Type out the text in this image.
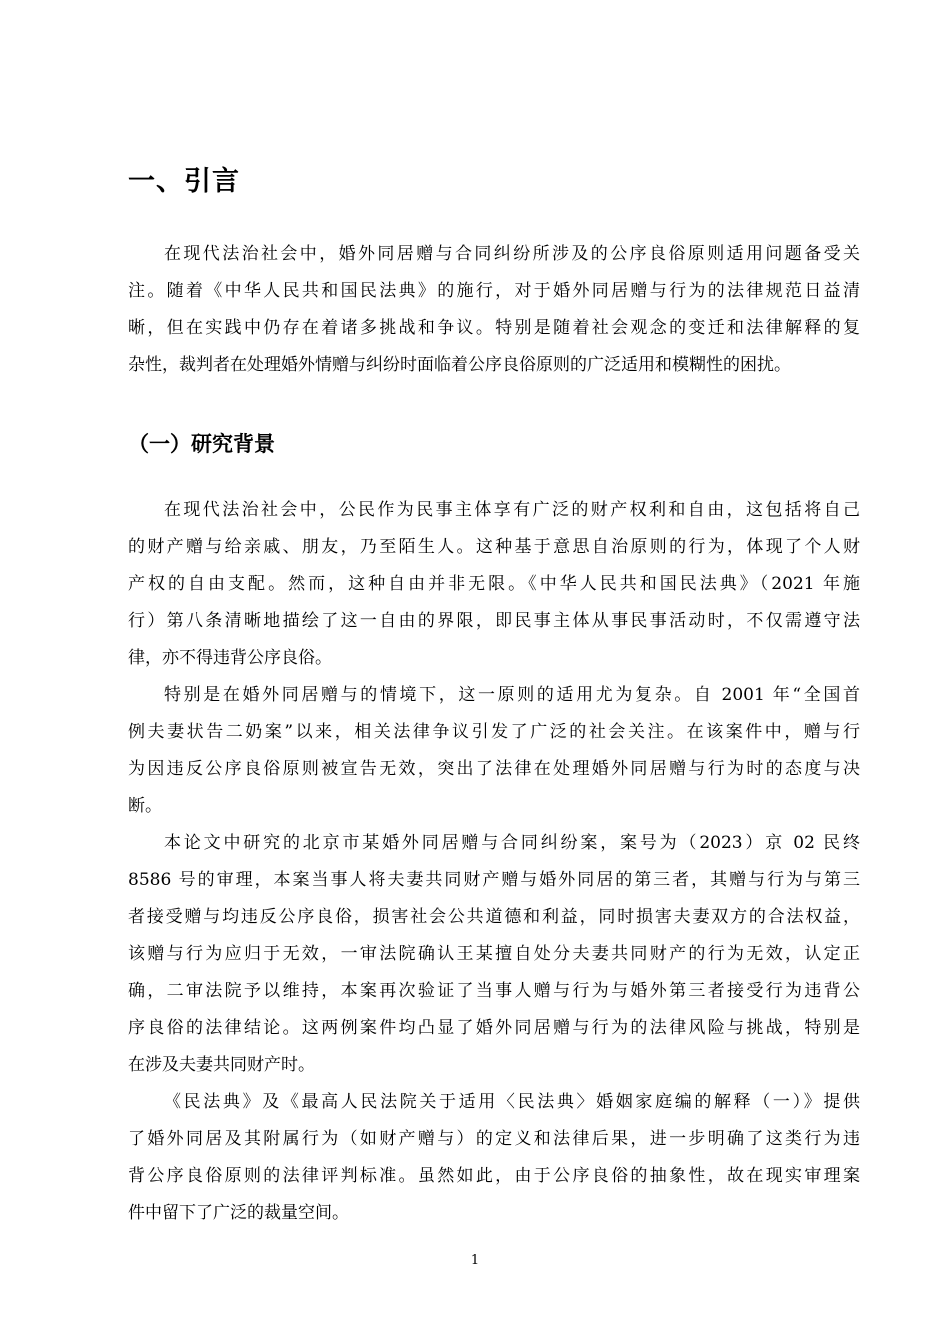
一、引言
在现代法治社会中，婚外同居赠与合同纠纷所涉及的公序良俗原则适用问题备受关
注。随着《中华人民共和国民法典》的施行，对于婚外同居赠与行为的法律规范日益清
晰，但在实践中仍存在着诸多挑战和争议。特别是随着社会观念的变迁和法律解释的复
杂性，裁判者在处理婚外情赠与纠纷时面临着公序良俗原则的广泛适用和模糊性的困扰。
（一）研究背景
在现代法治社会中，公民作为民事主体享有广泛的财产权利和自由，这包括将自己
的财产赠与给亲戚、朋友，乃至陌生人。这种基于意思自治原则的行为，体现了个人财
产权的自由支配。然而，这种自由并非无限。《中华人民共和国民法典》（2021 年施
行）第八条清晰地描绘了这一自由的界限，即民事主体从事民事活动时，不仅需遵守法
律，亦不得违背公序良俗。
特别是在婚外同居赠与的情境下，这一原则的适用尤为复杂。自 2001 年“全国首
例夫妻状告二奶案”以来，相关法律争议引发了广泛的社会关注。在该案件中，赠与行
为因违反公序良俗原则被宣告无效，突出了法律在处理婚外同居赠与行为时的态度与决
断。
本论文中研究的北京市某婚外同居赠与合同纠纷案，案号为（2023）京 02 民终
8586 号的审理，本案当事人将夫妻共同财产赠与婚外同居的第三者，其赠与行为与第三
者接受赠与均违反公序良俗，损害社会公共道德和利益，同时损害夫妻双方的合法权益，
该赠与行为应归于无效，一审法院确认王某擅自处分夫妻共同财产的行为无效，认定正
确，二审法院予以维持，本案再次验证了当事人赠与行为与婚外第三者接受行为违背公
序良俗的法律结论。这两例案件均凸显了婚外同居赠与行为的法律风险与挑战，特别是
在涉及夫妻共同财产时。
《民法典》及《最高人民法院关于适用〈民法典〉婚姻家庭编的解释（一）》提供
了婚外同居及其附属行为（如财产赠与）的定义和法律后果，进一步明确了这类行为违
背公序良俗原则的法律评判标准。虽然如此，由于公序良俗的抽象性，故在现实审理案
件中留下了广泛的裁量空间。
1
